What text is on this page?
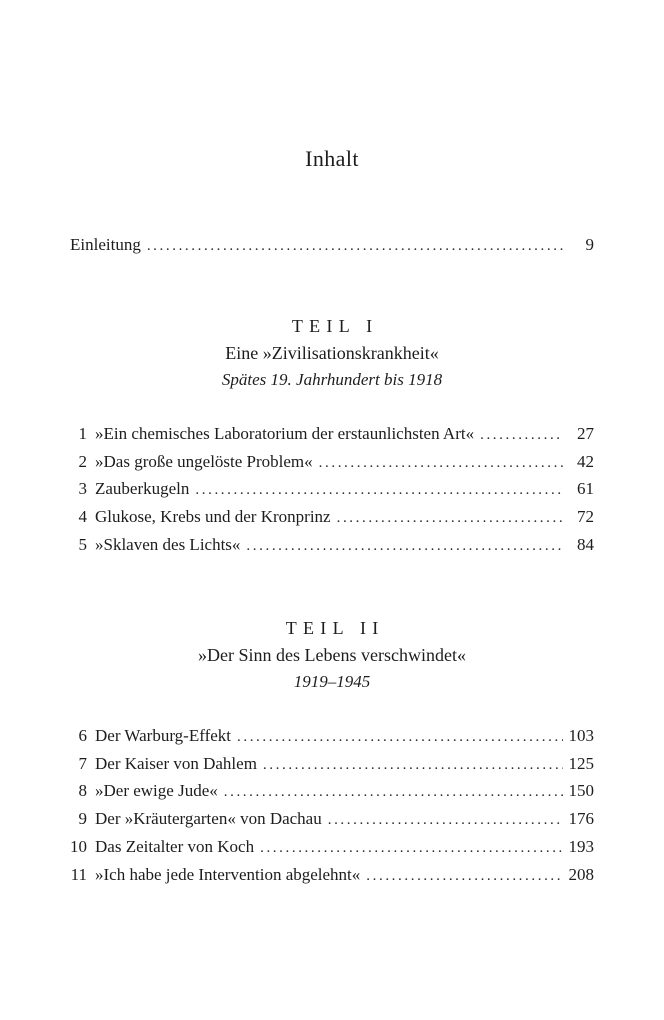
Inhalt
Einleitung .....	9
TEIL I
Eine »Zivilisationskrankheit«
Spätes 19. Jahrhundert bis 1918
1 »Ein chemisches Laboratorium der erstaunlichsten Art« .....	27
2 »Das große ungelöste Problem« .....	42
3 Zauberkugeln .....	61
4 Glukose, Krebs und der Kronprinz .....	72
5 »Sklaven des Lichts« .....	84
TEIL II
»Der Sinn des Lebens verschwindet«
1919–1945
6 Der Warburg-Effekt .....	103
7 Der Kaiser von Dahlem .....	125
8 »Der ewige Jude« .....	150
9 Der »Kräutergarten« von Dachau .....	176
10 Das Zeitalter von Koch .....	193
11 »Ich habe jede Intervention abgelehnt« .....	208
